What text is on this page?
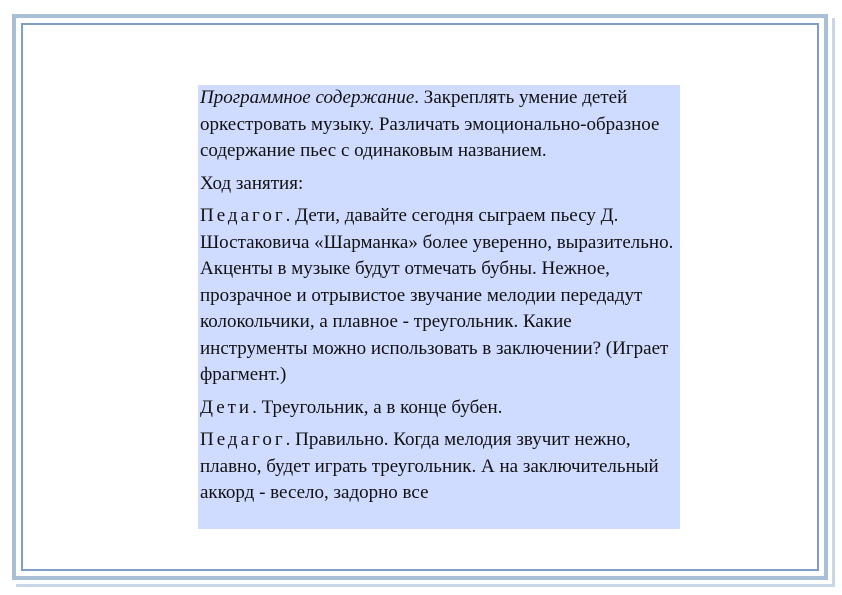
Программное содержание. Закреплять умение детей оркестровать музыку. Различать эмоционально-образное содержание пьес с одинаковым названием.

Ход занятия:

Педагог. Дети, давайте сегодня сыграем пьесу Д. Шостаковича «Шарманка» более уверенно, выразительно. Акценты в музыке будут отмечать бубны. Нежное, прозрачное и отрывистое звучание мелодии передадут колокольчики, а плавное - треугольник. Какие инструменты можно использовать в заключении? (Играет фрагмент.)

Дети. Треугольник, а в конце бубен.

Педагог. Правильно. Когда мелодия звучит нежно, плавно, будет играть треугольник. А на заключительный аккорд - весело, задорно все
